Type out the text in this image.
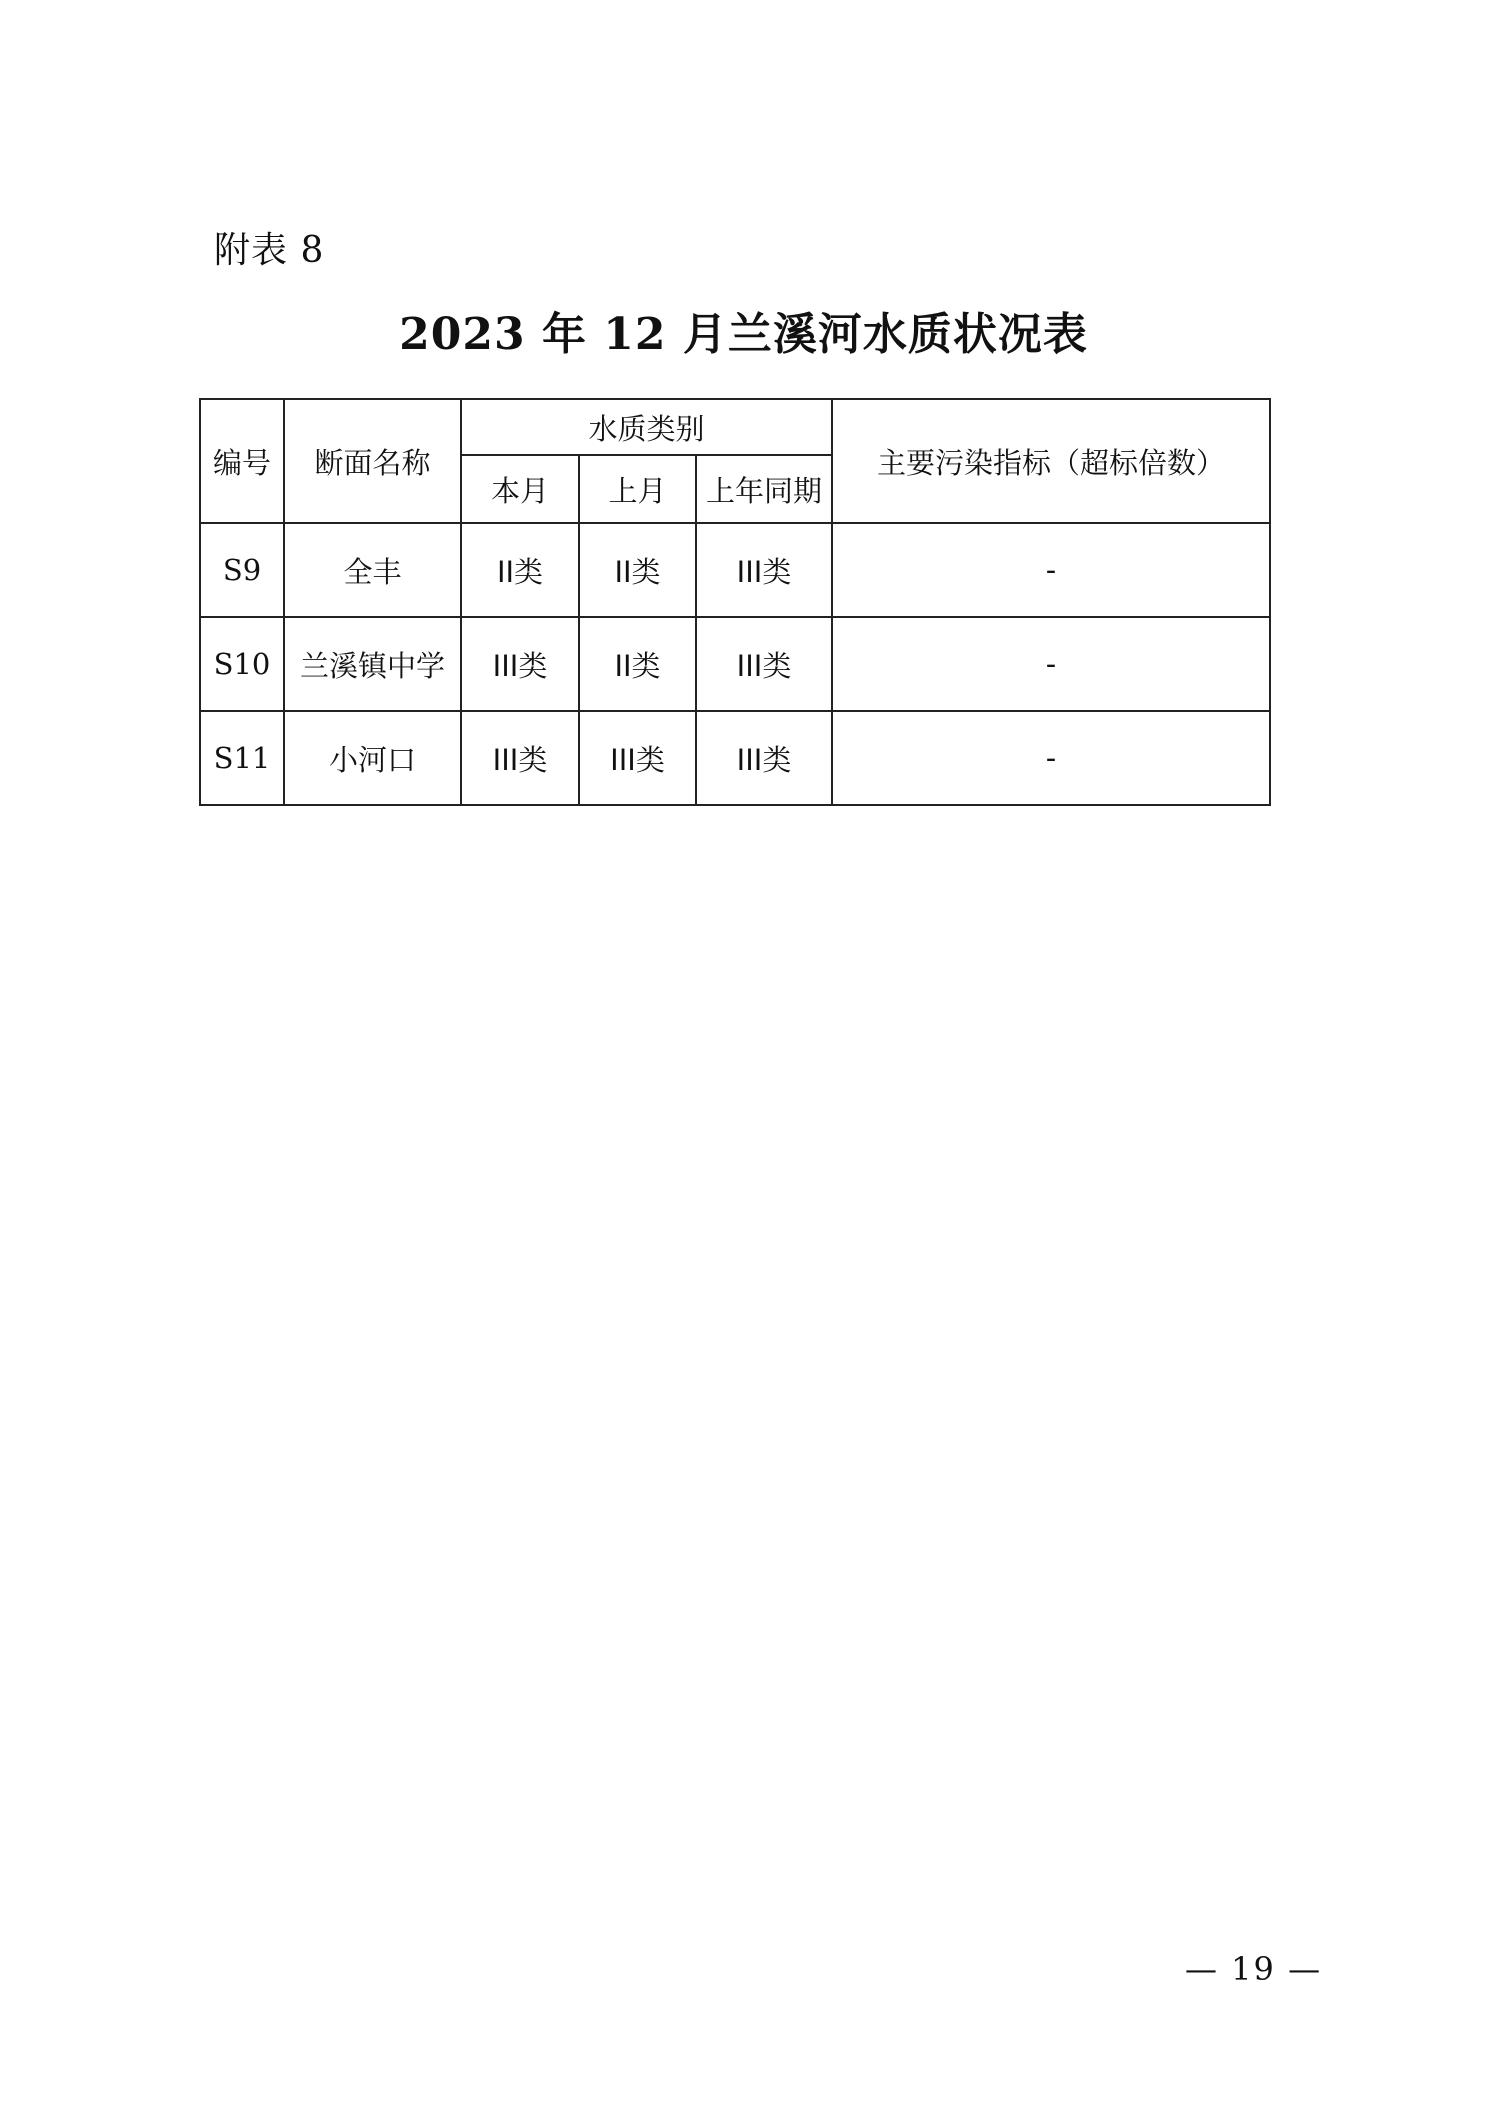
附表 8
2023 年 12 月兰溪河水质状况表
编号	断面名称	水质类别			主要污染指标（超标倍数）
		本月	上月	上年同期	
S9	全丰	II类	II类	III类	-
S10	兰溪镇中学	III类	II类	III类	-
S11	小河口	III类	III类	III类	-
— 19 —
